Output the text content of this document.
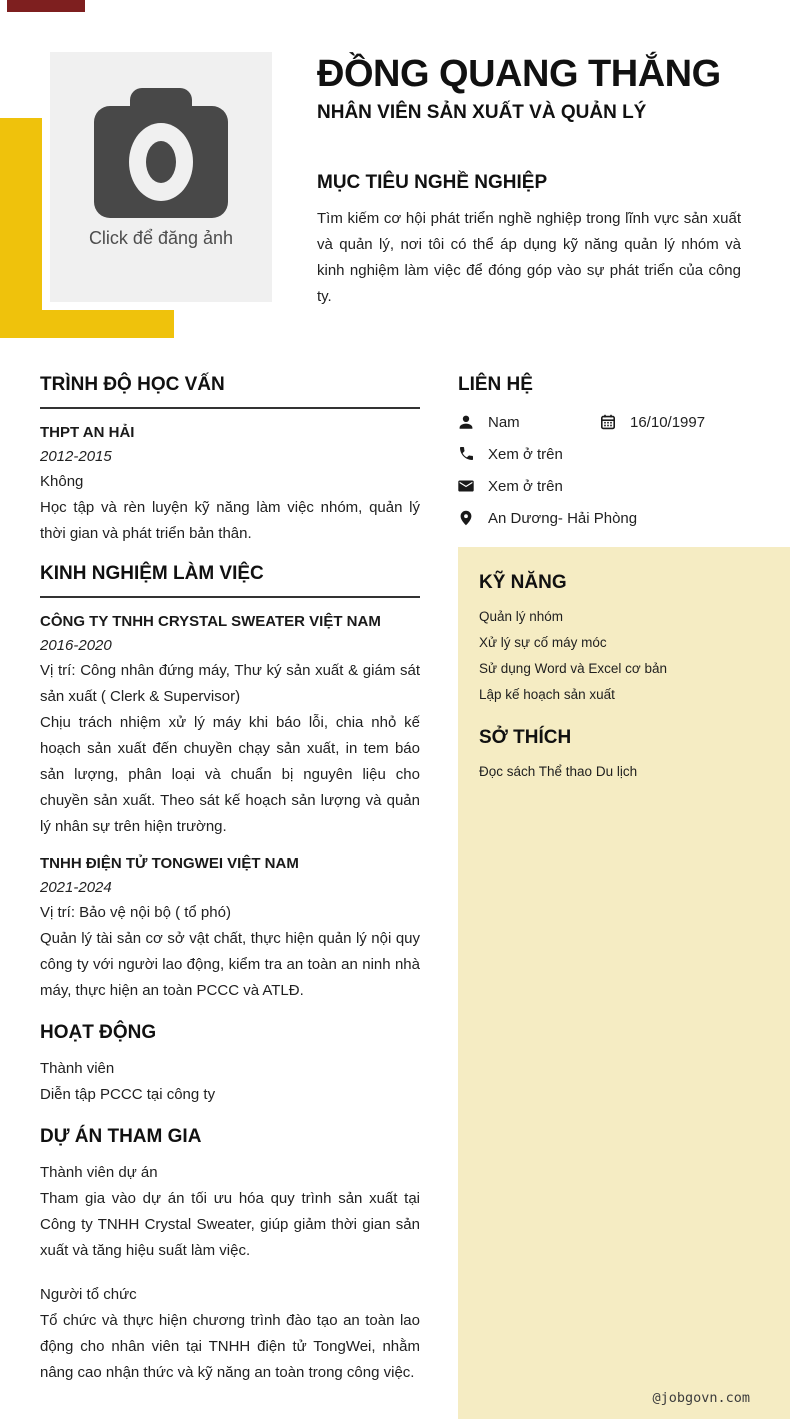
Click để đăng ảnh
ĐỒNG QUANG THẮNG
NHÂN VIÊN SẢN XUẤT VÀ QUẢN LÝ
MỤC TIÊU NGHỀ NGHIỆP

Tìm kiếm cơ hội phát triển nghề nghiệp trong lĩnh vực sản xuất và quản lý, nơi tôi có thể áp dụng kỹ năng quản lý nhóm và kinh nghiệm làm việc để đóng góp vào sự phát triển của công ty.

TRÌNH ĐỘ HỌC VẤN
THPT AN HẢI
2012-2015
Không

Học tập và rèn luyện kỹ năng làm việc nhóm, quản lý thời gian và phát triển bản thân.

KINH NGHIỆM LÀM VIỆC
CÔNG TY TNHH CRYSTAL SWEATER VIỆT NAM
2016-2020

Vị trí: Công nhân đứng máy, Thư ký sản xuất & giám sát sản xuất ( Clerk & Supervisor)

Chịu trách nhiệm xử lý máy khi báo lỗi, chia nhỏ kế hoạch sản xuất đến chuyền chạy sản xuất, in tem báo sản lượng, phân loại và chuẩn bị nguyên liệu cho chuyền sản xuất. Theo sát kế hoạch sản lượng và quản lý nhân sự trên hiện trường.

TNHH ĐIỆN TỬ TONGWEI VIỆT NAM
2021-2024

Vị trí: Bảo vệ nội bộ ( tổ phó)

Quản lý tài sản cơ sở vật chất, thực hiện quản lý nội quy công ty với người lao động, kiểm tra an toàn an ninh nhà máy, thực hiện an toàn PCCC và ATLĐ.

HOẠT ĐỘNG
Thành viên
Diễn tập PCCC tại công ty
DỰ ÁN THAM GIA
Thành viên dự án

Tham gia vào dự án tối ưu hóa quy trình sản xuất tại Công ty TNHH Crystal Sweater, giúp giảm thời gian sản xuất và tăng hiệu suất làm việc.

Người tổ chức

Tổ chức và thực hiện chương trình đào tạo an toàn lao động cho nhân viên tại TNHH điện tử TongWei, nhằm nâng cao nhận thức và kỹ năng an toàn trong công việc.

LIÊN HỆ
Nam	16/10/1997
Xem ở trên
Xem ở trên
An Dương- Hải Phòng
KỸ NĂNG
Quản lý nhóm
Xử lý sự cố máy móc
Sử dụng Word và Excel cơ bản
Lập kế hoạch sản xuất
SỞ THÍCH
Đọc sách Thể thao Du lịch
@jobgovn.com
